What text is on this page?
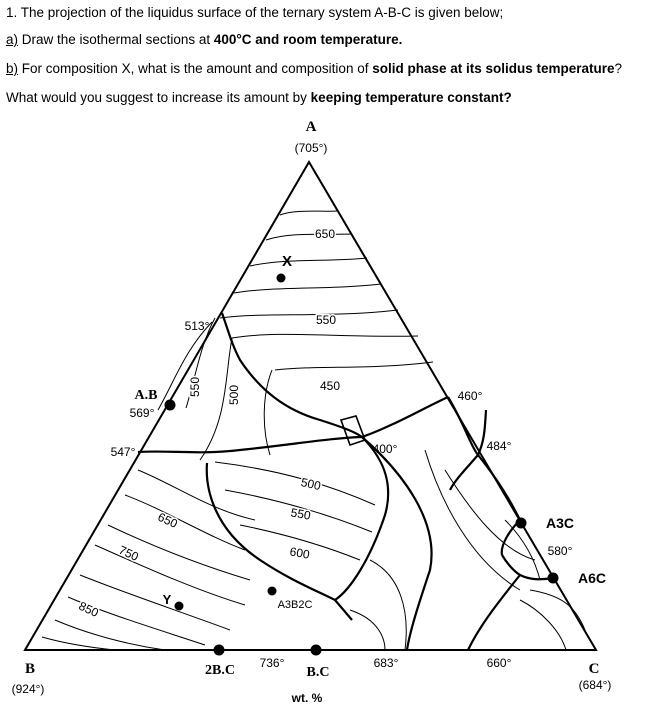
1. The projection of the liquidus surface of the ternary system A-B-C is given below;
a) Draw the isothermal sections at 400°C and room temperature.
b) For composition X, what is the amount and composition of solid phase at its solidus temperature?
What would you suggest to increase its amount by keeping temperature constant?
A
(705°)
B
(924°)
C
(684°)
A.B
569°
A3C
580°
A6C
2B.C	B.C
736°
A3B2C
X
Y
513°
547°
460°
484°
400°
683°	660°
650
550
450
550 500
500
550
600
650
750
850
wt. %
